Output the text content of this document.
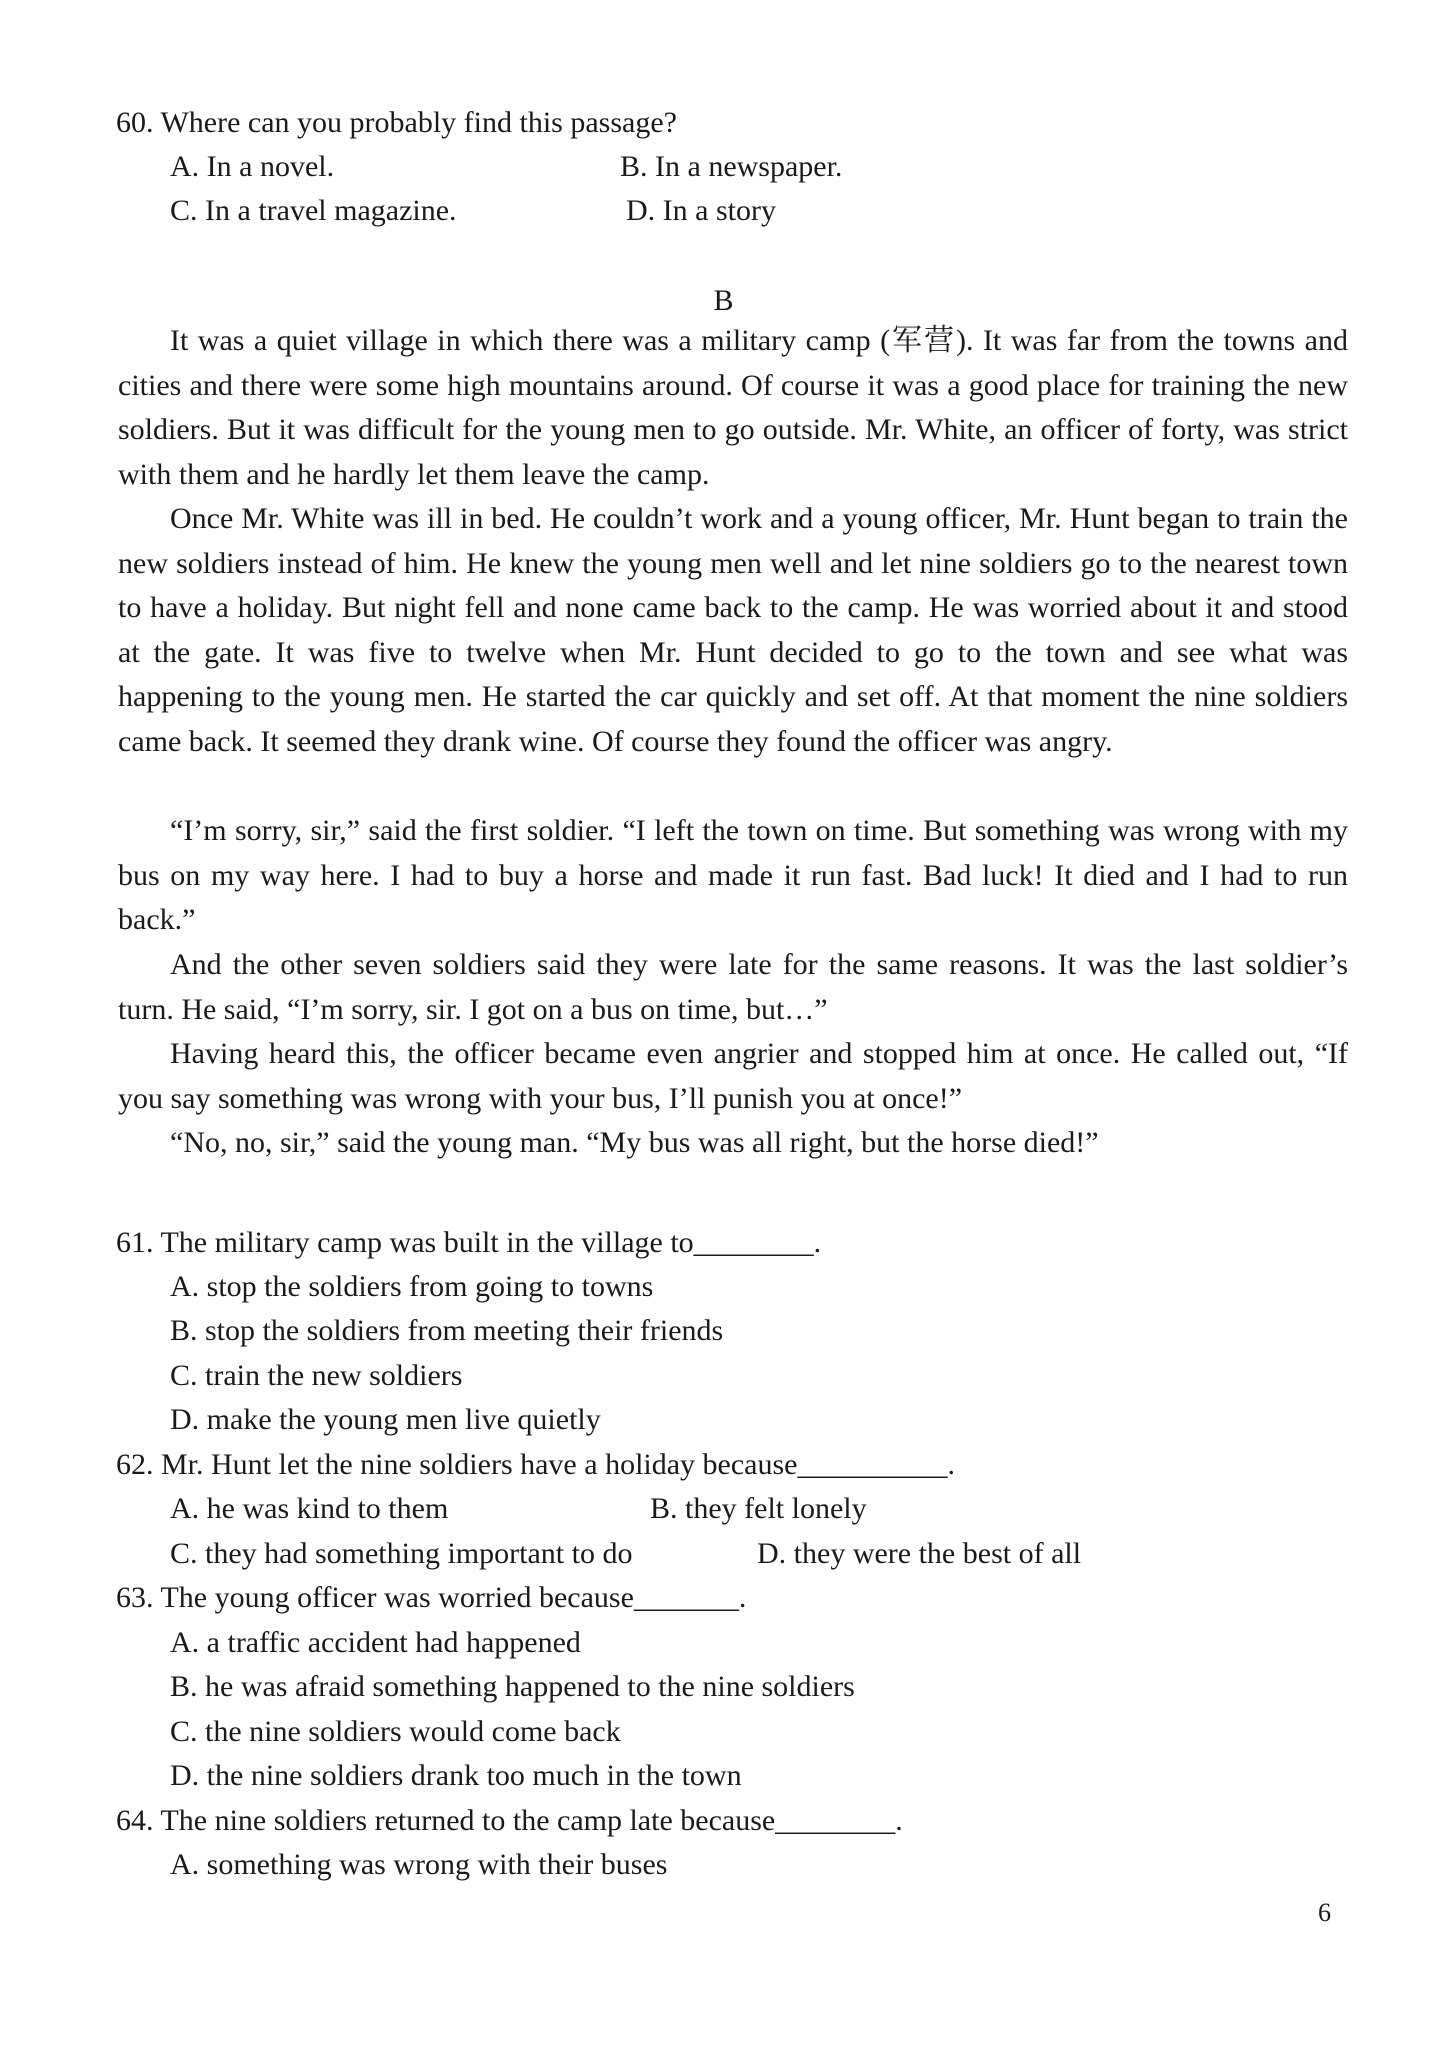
60. Where can you probably find this passage?
A. In a novel.	B. In a newspaper.
C. In a travel magazine.	D. In a story
B
It was a quiet village in which there was a military camp (军营). It was far from the towns and cities and there were some high mountains around. Of course it was a good place for training the new soldiers. But it was difficult for the young men to go outside. Mr. White, an officer of forty, was strict with them and he hardly let them leave the camp.
Once Mr. White was ill in bed. He couldn’t work and a young officer, Mr. Hunt began to train the new soldiers instead of him. He knew the young men well and let nine soldiers go to the nearest town to have a holiday. But night fell and none came back to the camp. He was worried about it and stood at the gate. It was five to twelve when Mr. Hunt decided to go to the town and see what was happening to the young men. He started the car quickly and set off. At that moment the nine soldiers came back. It seemed they drank wine. Of course they found the officer was angry.
“I’m sorry, sir,” said the first soldier. “I left the town on time. But something was wrong with my bus on my way here. I had to buy a horse and made it run fast. Bad luck! It died and I had to run back.”
And the other seven soldiers said they were late for the same reasons. It was the last soldier’s turn. He said, “I’m sorry, sir. I got on a bus on time, but…”
Having heard this, the officer became even angrier and stopped him at once. He called out, “If you say something was wrong with your bus, I’ll punish you at once!”
“No, no, sir,” said the young man. “My bus was all right, but the horse died!”
61. The military camp was built in the village to________.
A. stop the soldiers from going to towns
B. stop the soldiers from meeting their friends
C. train the new soldiers
D. make the young men live quietly
62. Mr. Hunt let the nine soldiers have a holiday because__________.
A. he was kind to them	B. they felt lonely
C. they had something important to do	D. they were the best of all
63. The young officer was worried because_______.
A. a traffic accident had happened
B. he was afraid something happened to the nine soldiers
C. the nine soldiers would come back
D. the nine soldiers drank too much in the town
64. The nine soldiers returned to the camp late because________.
A. something was wrong with their buses
6
